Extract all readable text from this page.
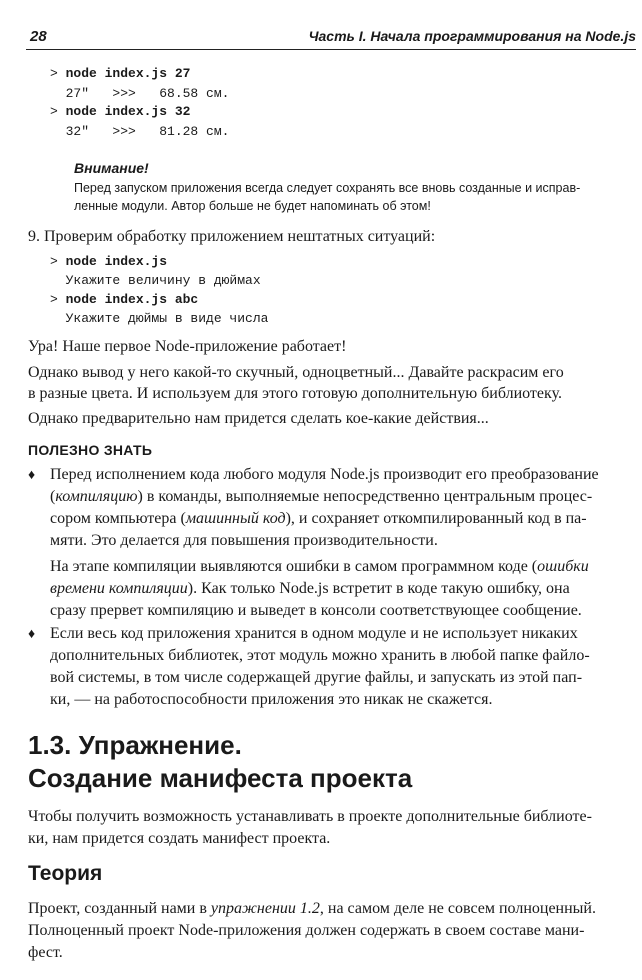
28	Часть I. Начала программирования на Node.js
> node index.js 27
27"   >>>   68.58 см.
> node index.js 32
32"   >>>   81.28 см.
Внимание!
Перед запуском приложения всегда следует сохранять все вновь созданные и исправ-
ленные модули. Автор больше не будет напоминать об этом!
9. Проверим обработку приложением нештатных ситуаций:
> node index.js
Укажите величину в дюймах
> node index.js abc
Укажите дюймы в виде числа
Ура! Наше первое Node-приложение работает!
Однако вывод у него какой-то скучный, одноцветный... Давайте раскрасим его
в разные цвета. И используем для этого готовую дополнительную библиотеку.
Однако предварительно нам придется сделать кое-какие действия...
ПОЛЕЗНО ЗНАТЬ
♦ Перед исполнением кода любого модуля Node.js производит его преобразование
(компиляцию) в команды, выполняемые непосредственно центральным процес-
сором компьютера (машинный код), и сохраняет откомпилированный код в па-
мяти. Это делается для повышения производительности.
На этапе компиляции выявляются ошибки в самом программном коде (ошибки
времени компиляции). Как только Node.js встретит в коде такую ошибку, она
сразу прервет компиляцию и выведет в консоли соответствующее сообщение.
♦ Если весь код приложения хранится в одном модуле и не использует никаких
дополнительных библиотек, этот модуль можно хранить в любой папке файло-
вой системы, в том числе содержащей другие файлы, и запускать из этой пап-
ки, — на работоспособности приложения это никак не скажется.
1.3. Упражнение.
Создание манифеста проекта
Чтобы получить возможность устанавливать в проекте дополнительные библиоте-
ки, нам придется создать манифест проекта.
Теория
Проект, созданный нами в упражнении 1.2, на самом деле не совсем полноценный.
Полноценный проект Node-приложения должен содержать в своем составе мани-
фест.
